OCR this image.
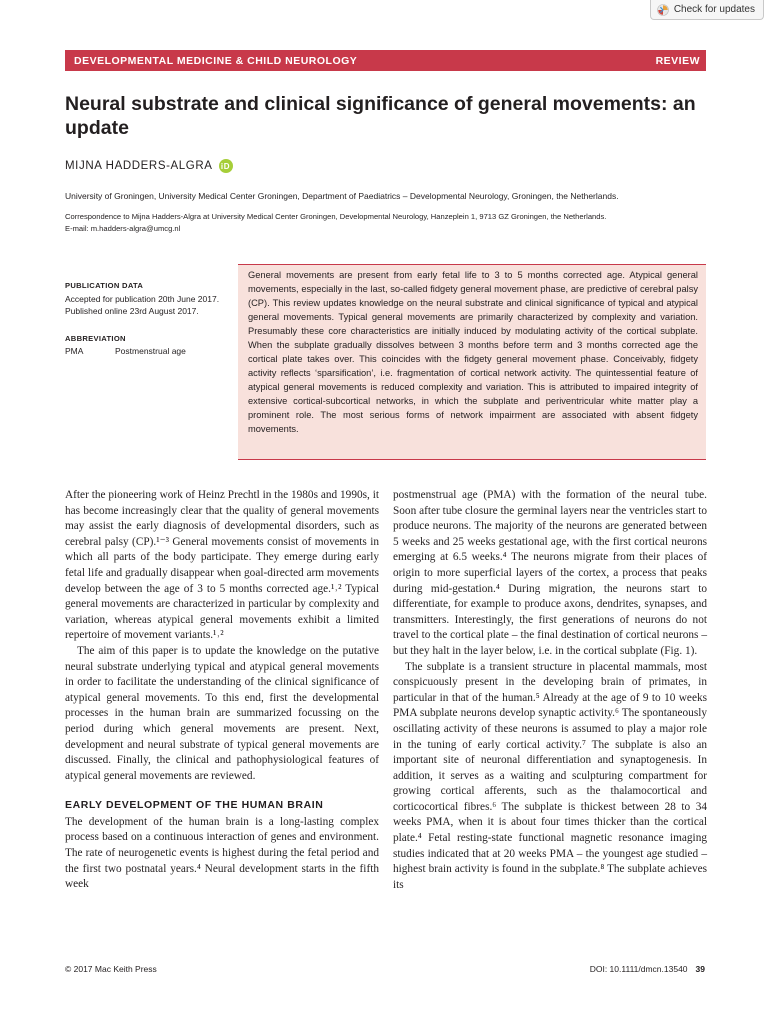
Check for updates
DEVELOPMENTAL MEDICINE & CHILD NEUROLOGY	REVIEW
Neural substrate and clinical significance of general movements: an update
MIJNA HADDERS-ALGRA iD
University of Groningen, University Medical Center Groningen, Department of Paediatrics – Developmental Neurology, Groningen, the Netherlands.
Correspondence to Mijna Hadders-Algra at University Medical Center Groningen, Developmental Neurology, Hanzeplein 1, 9713 GZ Groningen, the Netherlands.
E-mail: m.hadders-algra@umcg.nl
PUBLICATION DATA

Accepted for publication 20th June 2017.

Published online 23rd August 2017.

ABBREVIATION
PMA	Postmenstrual age
General movements are present from early fetal life to 3 to 5 months corrected age. Atypical general movements, especially in the last, so-called fidgety general movement phase, are predictive of cerebral palsy (CP). This review updates knowledge on the neural substrate and clinical significance of typical and atypical general movements. Typical general movements are primarily characterized by complexity and variation. Presumably these core characteristics are initially induced by modulating activity of the cortical subplate. When the subplate gradually dissolves between 3 months before term and 3 months corrected age the cortical plate takes over. This coincides with the fidgety general movement phase. Conceivably, fidgety activity reflects ‘sparsification’, i.e. fragmentation of cortical network activity. The quintessential feature of atypical general movements is reduced complexity and variation. This is attributed to impaired integrity of extensive cortical-subcortical networks, in which the subplate and periventricular white matter play a prominent role. The most serious forms of network impairment are associated with absent fidgety movements.

After the pioneering work of Heinz Prechtl in the 1980s and 1990s, it has become increasingly clear that the quality of general movements may assist the early diagnosis of developmental disorders, such as cerebral palsy (CP).¹⁻³ General movements consist of movements in which all parts of the body participate. They emerge during early fetal life and gradually disappear when goal-directed arm movements develop between the age of 3 to 5 months corrected age.¹˒² Typical general movements are characterized in particular by complexity and variation, whereas atypical general movements exhibit a limited repertoire of movement variants.¹˒²

The aim of this paper is to update the knowledge on the putative neural substrate underlying typical and atypical general movements in order to facilitate the understanding of the clinical significance of atypical general movements. To this end, first the developmental processes in the human brain are summarized focussing on the period during which general movements are present. Next, development and neural substrate of typical general movements are discussed. Finally, the clinical and pathophysiological features of atypical general movements are reviewed.

EARLY DEVELOPMENT OF THE HUMAN BRAIN

The development of the human brain is a long-lasting complex process based on a continuous interaction of genes and environment. The rate of neurogenetic events is highest during the fetal period and the first two postnatal years.⁴ Neural development starts in the fifth week

postmenstrual age (PMA) with the formation of the neural tube. Soon after tube closure the germinal layers near the ventricles start to produce neurons. The majority of the neurons are generated between 5 weeks and 25 weeks gestational age, with the first cortical neurons emerging at 6.5 weeks.⁴ The neurons migrate from their places of origin to more superficial layers of the cortex, a process that peaks during mid-gestation.⁴ During migration, the neurons start to differentiate, for example to produce axons, dendrites, synapses, and transmitters. Interestingly, the first generations of neurons do not travel to the cortical plate – the final destination of cortical neurons – but they halt in the layer below, i.e. in the cortical subplate (Fig. 1).

The subplate is a transient structure in placental mammals, most conspicuously present in the developing brain of primates, in particular in that of the human.⁵ Already at the age of 9 to 10 weeks PMA subplate neurons develop synaptic activity.⁶ The spontaneously oscillating activity of these neurons is assumed to play a major role in the tuning of early cortical activity.⁷ The subplate is also an important site of neuronal differentiation and synaptogenesis. In addition, it serves as a waiting and sculpturing compartment for growing cortical afferents, such as the thalamocortical and corticocortical fibres.⁶ The subplate is thickest between 28 to 34 weeks PMA, when it is about four times thicker than the cortical plate.⁴ Fetal resting-state functional magnetic resonance imaging studies indicated that at 20 weeks PMA – the youngest age studied – highest brain activity is found in the subplate.⁸ The subplate achieves its

© 2017 Mac Keith Press	DOI: 10.1111/dmcn.13540 39
